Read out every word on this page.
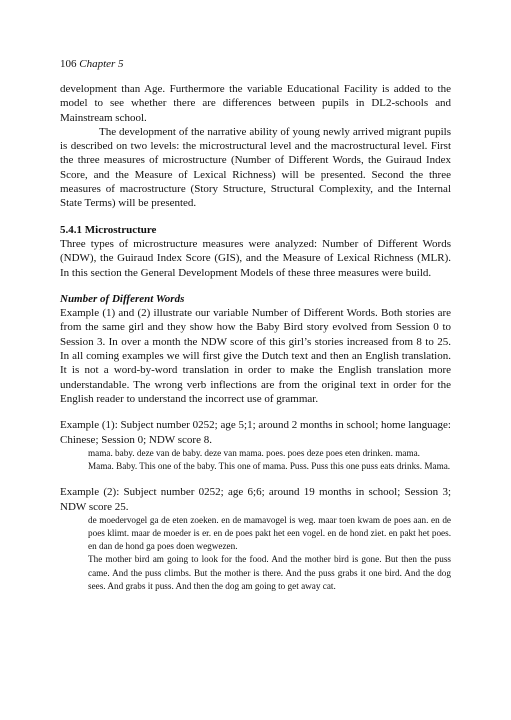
106 Chapter 5

development than Age. Furthermore the variable Educational Facility is added to the model to see whether there are differences between pupils in DL2-schools and Mainstream school.

The development of the narrative ability of young newly arrived migrant pupils is described on two levels: the microstructural level and the macrostructural level. First the three measures of microstructure (Number of Different Words, the Guiraud Index Score, and the Measure of Lexical Richness) will be presented. Second the three measures of macrostructure (Story Structure, Structural Complexity, and the Internal State Terms) will be presented.

5.4.1 Microstructure

Three types of microstructure measures were analyzed: Number of Different Words (NDW), the Guiraud Index Score (GIS), and the Measure of Lexical Richness (MLR). In this section the General Development Models of these three measures were build.

Number of Different Words

Example (1) and (2) illustrate our variable Number of Different Words. Both stories are from the same girl and they show how the Baby Bird story evolved from Session 0 to Session 3. In over a month the NDW score of this girl’s stories increased from 8 to 25. In all coming examples we will first give the Dutch text and then an English translation. It is not a word-by-word translation in order to make the English translation more understandable. The wrong verb inflections are from the original text in order for the English reader to understand the incorrect use of grammar.

Example (1): Subject number 0252; age 5;1; around 2 months in school; home language: Chinese; Session 0; NDW score 8.

mama. baby. deze van de baby. deze van mama. poes. poes deze poes eten drinken. mama.

Mama. Baby. This one of the baby. This one of mama. Puss. Puss this one puss eats drinks. Mama.

Example (2): Subject number 0252; age 6;6; around 19 months in school; Session 3; NDW score 25.

de moedervogel ga de eten zoeken. en de mamavogel is weg. maar toen kwam de poes aan. en de poes klimt. maar de moeder is er. en de poes pakt het een vogel. en de hond ziet. en pakt het poes. en dan de hond ga poes doen wegwezen.

The mother bird am going to look for the food. And the mother bird is gone. But then the puss came. And the puss climbs. But the mother is there. And the puss grabs it one bird. And the dog sees. And grabs it puss. And then the dog am going to get away cat.
